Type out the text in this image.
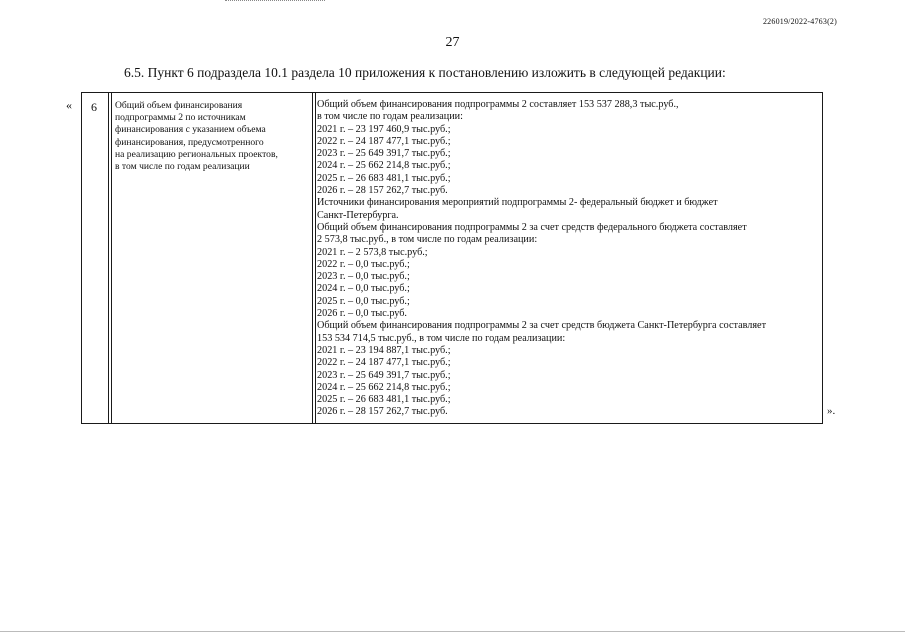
226019/2022-4763(2)
27
6.5. Пункт 6 подраздела 10.1 раздела 10 приложения к постановлению изложить в следующей редакции:
« 6 Общий объем финансирования
подпрограммы 2 по источникам
финансирования с указанием объема
финансирования, предусмотренного
на реализацию региональных проектов,
в том числе по годам реализации
Общий объем финансирования подпрограммы 2 составляет 153 537 288,3 тыс.руб.,
в том числе по годам реализации:
2021 г. – 23 197 460,9 тыс.руб.;
2022 г. – 24 187 477,1 тыс.руб.;
2023 г. – 25 649 391,7 тыс.руб.;
2024 г. – 25 662 214,8 тыс.руб.;
2025 г. – 26 683 481,1 тыс.руб.;
2026 г. – 28 157 262,7 тыс.руб.
Источники финансирования мероприятий подпрограммы 2- федеральный бюджет и бюджет
Санкт-Петербурга.
Общий объем финансирования подпрограммы 2 за счет средств федерального бюджета составляет
2 573,8 тыс.руб., в том числе по годам реализации:
2021 г. – 2 573,8 тыс.руб.;
2022 г. – 0,0 тыс.руб.;
2023 г. – 0,0 тыс.руб.;
2024 г. – 0,0 тыс.руб.;
2025 г. – 0,0 тыс.руб.;
2026 г. – 0,0 тыс.руб.
Общий объем финансирования подпрограммы 2 за счет средств бюджета Санкт-Петербурга составляет
153 534 714,5 тыс.руб., в том числе по годам реализации:
2021 г. – 23 194 887,1 тыс.руб.;
2022 г. – 24 187 477,1 тыс.руб.;
2023 г. – 25 649 391,7 тыс.руб.;
2024 г. – 25 662 214,8 тыс.руб.;
2025 г. – 26 683 481,1 тыс.руб.;
2026 г. – 28 157 262,7 тыс.руб.	».
